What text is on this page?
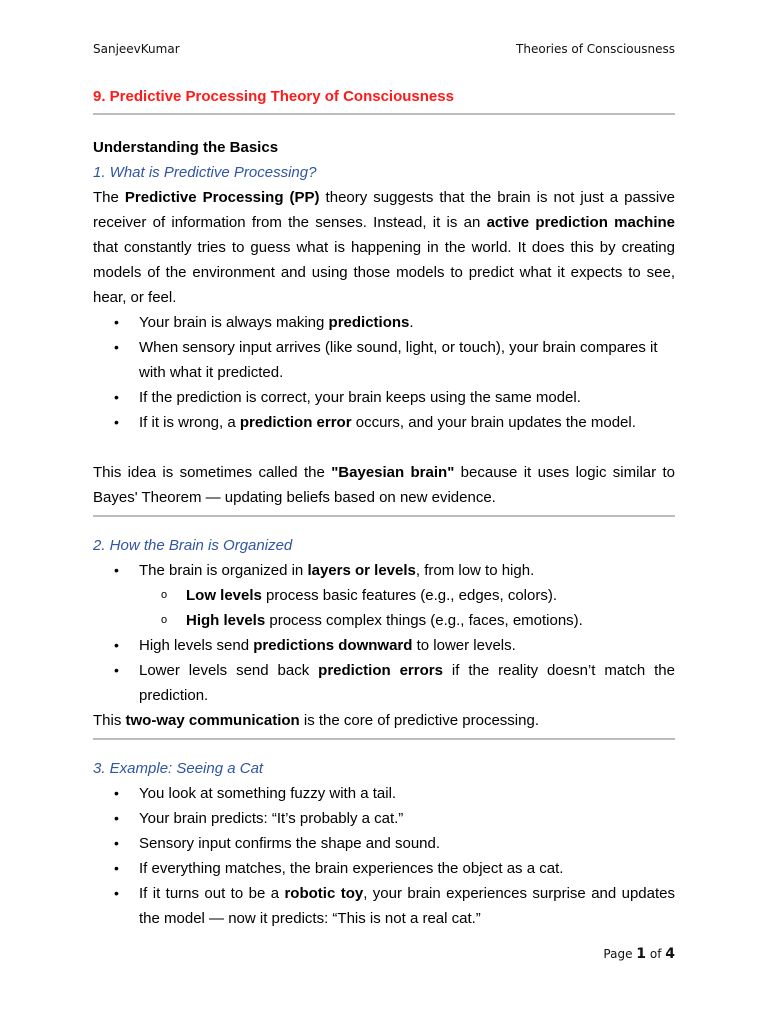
SanjeevKumar	Theories of Consciousness
9. Predictive Processing Theory of Consciousness
Understanding the Basics
1. What is Predictive Processing?

The Predictive Processing (PP) theory suggests that the brain is not just a passive receiver of information from the senses. Instead, it is an active prediction machine that constantly tries to guess what is happening in the world. It does this by creating models of the environment and using those models to predict what it expects to see, hear, or feel.

• Your brain is always making predictions.
• When sensory input arrives (like sound, light, or touch), your brain compares it with what it predicted.
• If the prediction is correct, your brain keeps using the same model.
• If it is wrong, a prediction error occurs, and your brain updates the model.

This idea is sometimes called the "Bayesian brain" because it uses logic similar to Bayes' Theorem — updating beliefs based on new evidence.

2. How the Brain is Organized
• The brain is organized in layers or levels, from low to high.
o Low levels process basic features (e.g., edges, colors).
o High levels process complex things (e.g., faces, emotions).
• High levels send predictions downward to lower levels.
• Lower levels send back prediction errors if the reality doesn’t match the prediction.

This two-way communication is the core of predictive processing.

3. Example: Seeing a Cat
• You look at something fuzzy with a tail.
• Your brain predicts: “It’s probably a cat.”
• Sensory input confirms the shape and sound.
• If everything matches, the brain experiences the object as a cat.
• If it turns out to be a robotic toy, your brain experiences surprise and updates the model — now it predicts: “This is not a real cat.”
Page 1 of 4
